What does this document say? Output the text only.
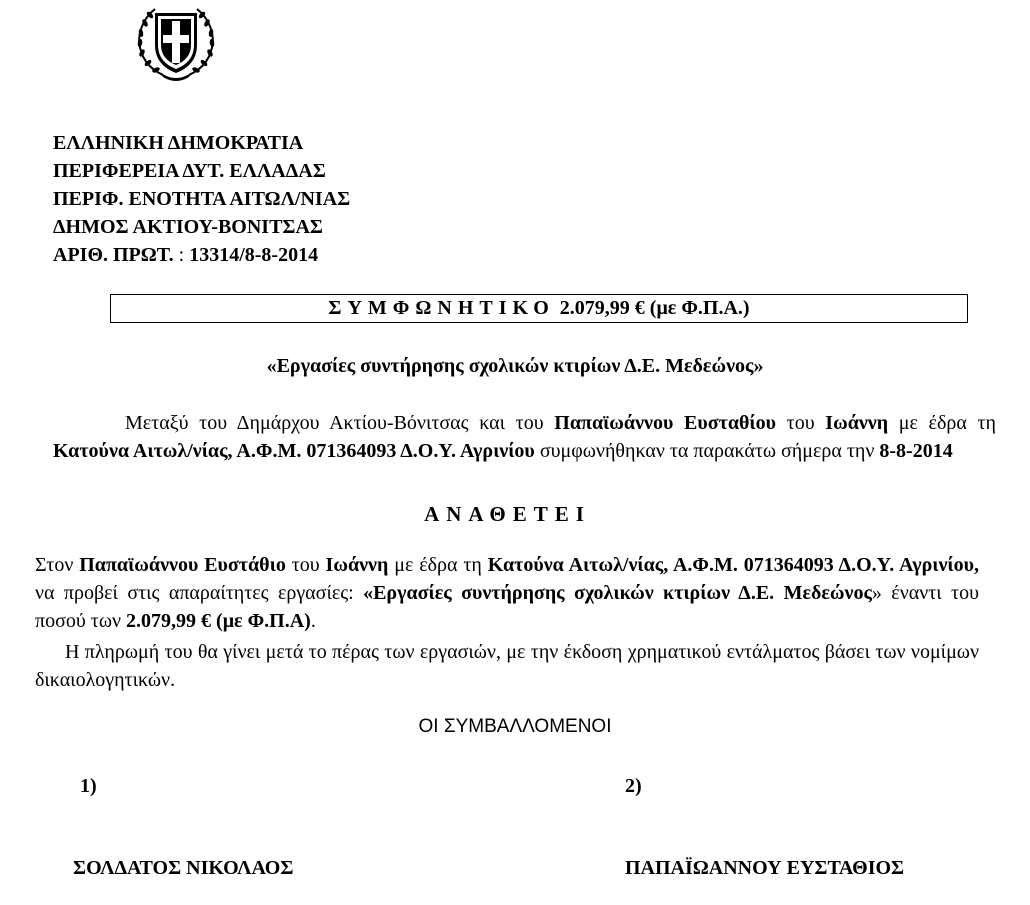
ΕΛΛΗΝΙΚΗ ΔΗΜΟΚΡΑΤΙΑ
ΠΕΡΙΦΕΡΕΙΑ ΔΥΤ. ΕΛΛΑΔΑΣ
ΠΕΡΙΦ. ΕΝΟΤΗΤΑ ΑΙΤΩΛ/ΝΙΑΣ
ΔΗΜΟΣ ΑΚΤΙΟΥ-ΒΟΝΙΤΣΑΣ
ΑΡΙΘ. ΠΡΩΤ. : 13314/8-8-2014
ΣΥΜΦΩΝΗΤΙΚΟ 2.079,99 € (με Φ.Π.Α.)
«Εργασίες συντήρησης σχολικών κτιρίων Δ.Ε. Μεδεώνος»
Μεταξύ του Δημάρχου Ακτίου-Βόνιτσας και του Παπαϊωάννου Ευσταθίου του Ιωάννη με έδρα τη Κατούνα Αιτωλ/νίας, Α.Φ.Μ. 071364093 Δ.Ο.Υ. Αγρινίου συμφωνήθηκαν τα παρακάτω σήμερα την 8-8-2014
ΑΝΑΘΕΤΕΙ
Στον Παπαϊωάννου Ευστάθιο του Ιωάννη με έδρα τη Κατούνα Αιτωλ/νίας, Α.Φ.Μ. 071364093 Δ.Ο.Υ. Αγρινίου, να προβεί στις απαραίτητες εργασίες: «Εργασίες συντήρησης σχολικών κτιρίων Δ.Ε. Μεδεώνος» έναντι του ποσού των 2.079,99 € (με Φ.Π.Α).
Η πληρωμή του θα γίνει μετά το πέρας των εργασιών, με την έκδοση χρηματικού εντάλματος βάσει των νομίμων δικαιολογητικών.
ΟΙ ΣΥΜΒΑΛΛΟΜΕΝΟΙ
1)	2)
ΣΟΛΔΑΤΟΣ ΝΙΚΟΛΑΟΣ	ΠΑΠΑΪΩΑΝΝΟΥ ΕΥΣΤΑΘΙΟΣ
